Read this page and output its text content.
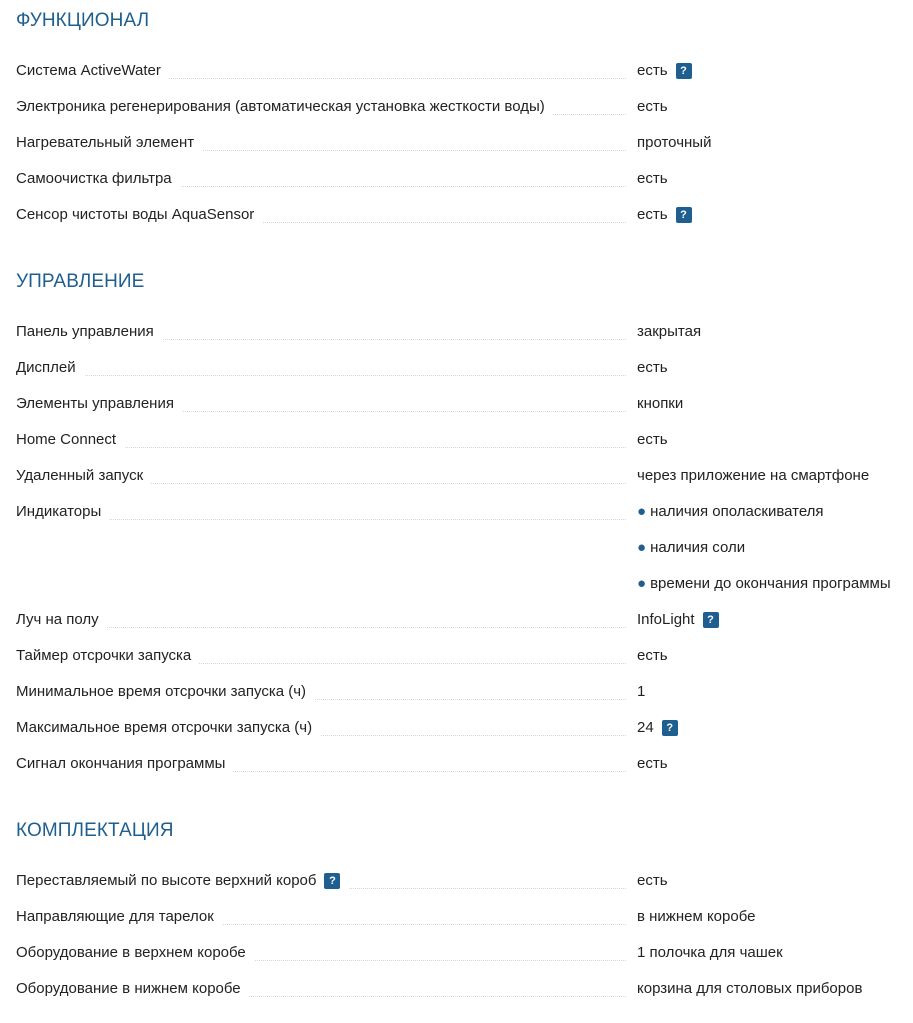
ФУНКЦИОНАЛ
Система ActiveWater	есть ?
Электроника регенерирования (автоматическая установка жесткости воды)	есть
Нагревательный элемент	проточный
Самоочистка фильтра	есть
Сенсор чистоты воды AquaSensor	есть ?
УПРАВЛЕНИЕ
Панель управления	закрытая
Дисплей	есть
Элементы управления	кнопки
Home Connect	есть
Удаленный запуск	через приложение на смартфоне
Индикаторы	● наличия ополаскивателя
● наличия соли
● времени до окончания программы
Луч на полу	InfoLight ?
Таймер отсрочки запуска	есть
Минимальное время отсрочки запуска (ч)	1
Максимальное время отсрочки запуска (ч)	24 ?
Сигнал окончания программы	есть
КОМПЛЕКТАЦИЯ
Переставляемый по высоте верхний короб ?	есть
Направляющие для тарелок	в нижнем коробе
Оборудование в верхнем коробе	1 полочка для чашек
Оборудование в нижнем коробе	корзина для столовых приборов
